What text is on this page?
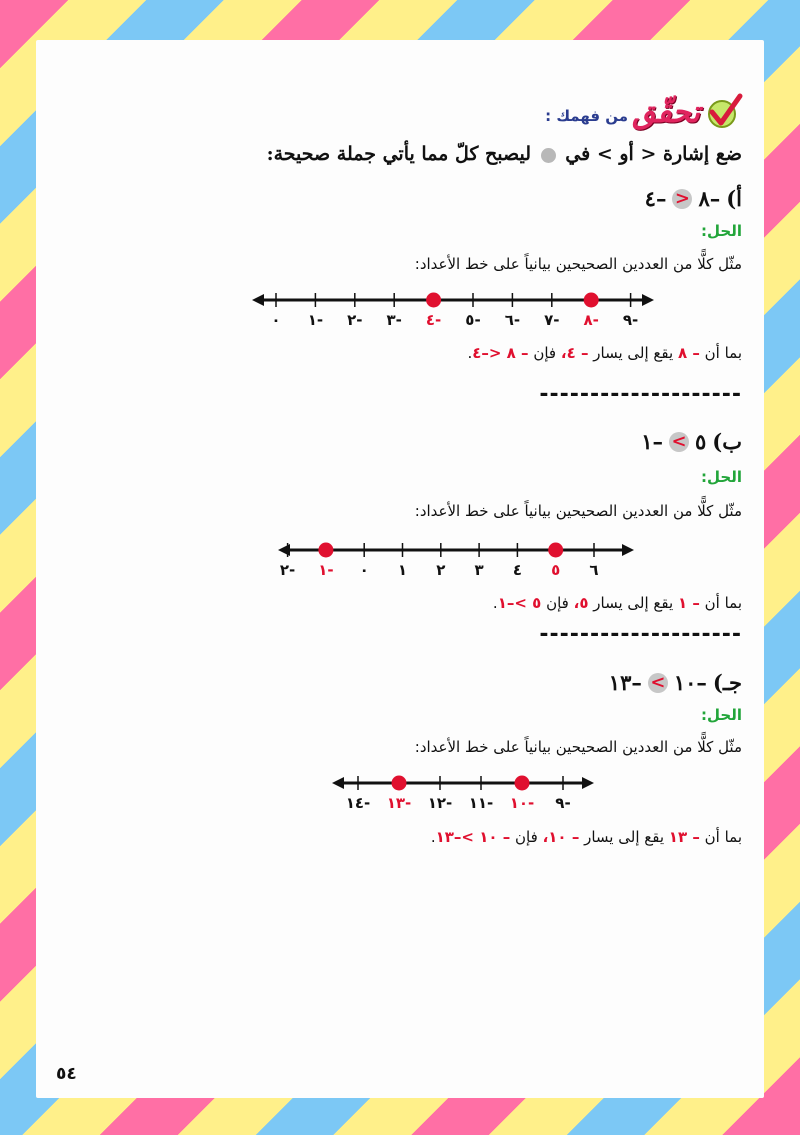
تحقّق
من فهمك :
ضع إشارة < أو > في  ليصبح كلّ مما يأتي جملة صحيحة:
أ)
–٨
<
–٤
الحل:
مثّل كلًّا من العددين الصحيحين بيانياً على خط الأعداد:
٠ ١- ٢- ٣- ٤- ٥- ٦- ٧- ٨- ٩-
بما أن – ٨ يقع إلى يسار – ٤، فإن – ٨ <–٤.
--------------------
ب)
٥
>
–١
الحل:
مثّل كلًّا من العددين الصحيحين بيانياً على خط الأعداد:
٦
٥
٤
٣
٢
١
٠
١-
٢-
بما أن – ١ يقع إلى يسار ٥، فإن ٥ >–١.
--------------------
جـ)
–١٠
>
–١٣
الحل:
مثّل كلًّا من العددين الصحيحين بيانياً على خط الأعداد:
٩-
١٠-
١١-
١٢-
١٣-
١٤-
بما أن – ١٣ يقع إلى يسار – ١٠، فإن – ١٠ >–١٣.
٥٤
